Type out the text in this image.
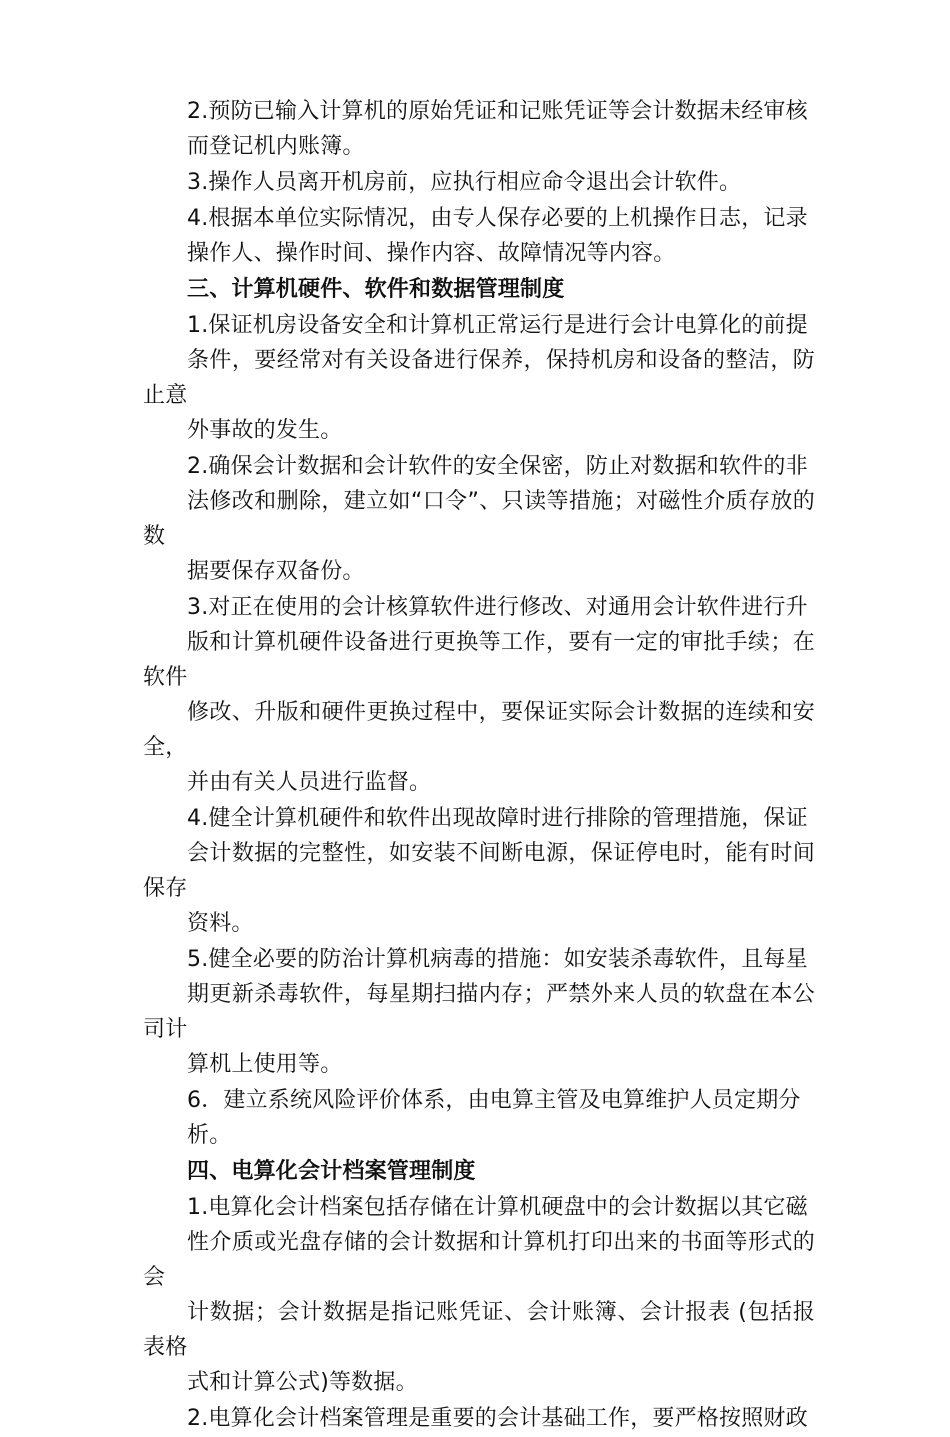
2.预防已输入计算机的原始凭证和记账凭证等会计数据未经审核
而登记机内账簿。

3.操作人员离开机房前，应执行相应命令退出会计软件。

4.根据本单位实际情况，由专人保存必要的上机操作日志，记录
操作人、操作时间、操作内容、故障情况等内容。

三、计算机硬件、软件和数据管理制度

1.保证机房设备安全和计算机正常运行是进行会计电算化的前提
条件，要经常对有关设备进行保养，保持机房和设备的整洁，防止意
外事故的发生。

2.确保会计数据和会计软件的安全保密，防止对数据和软件的非
法修改和删除，建立如“口令”、只读等措施；对磁性介质存放的数
据要保存双备份。

3.对正在使用的会计核算软件进行修改、对通用会计软件进行升
版和计算机硬件设备进行更换等工作，要有一定的审批手续；在软件
修改、升版和硬件更换过程中，要保证实际会计数据的连续和安全，
并由有关人员进行监督。

4.健全计算机硬件和软件出现故障时进行排除的管理措施，保证
会计数据的完整性，如安装不间断电源，保证停电时，能有时间保存
资料。

5.健全必要的防治计算机病毒的措施：如安装杀毒软件，且每星
期更新杀毒软件，每星期扫描内存；严禁外来人员的软盘在本公司计
算机上使用等。

6．建立系统风险评价体系，由电算主管及电算维护人员定期分
析。

四、电算化会计档案管理制度

1.电算化会计档案包括存储在计算机硬盘中的会计数据以其它磁
性介质或光盘存储的会计数据和计算机打印出来的书面等形式的会
计数据；会计数据是指记账凭证、会计账簿、会计报表 (包括报表格
式和计算公式)等数据。

2.电算化会计档案管理是重要的会计基础工作，要严格按照财政
